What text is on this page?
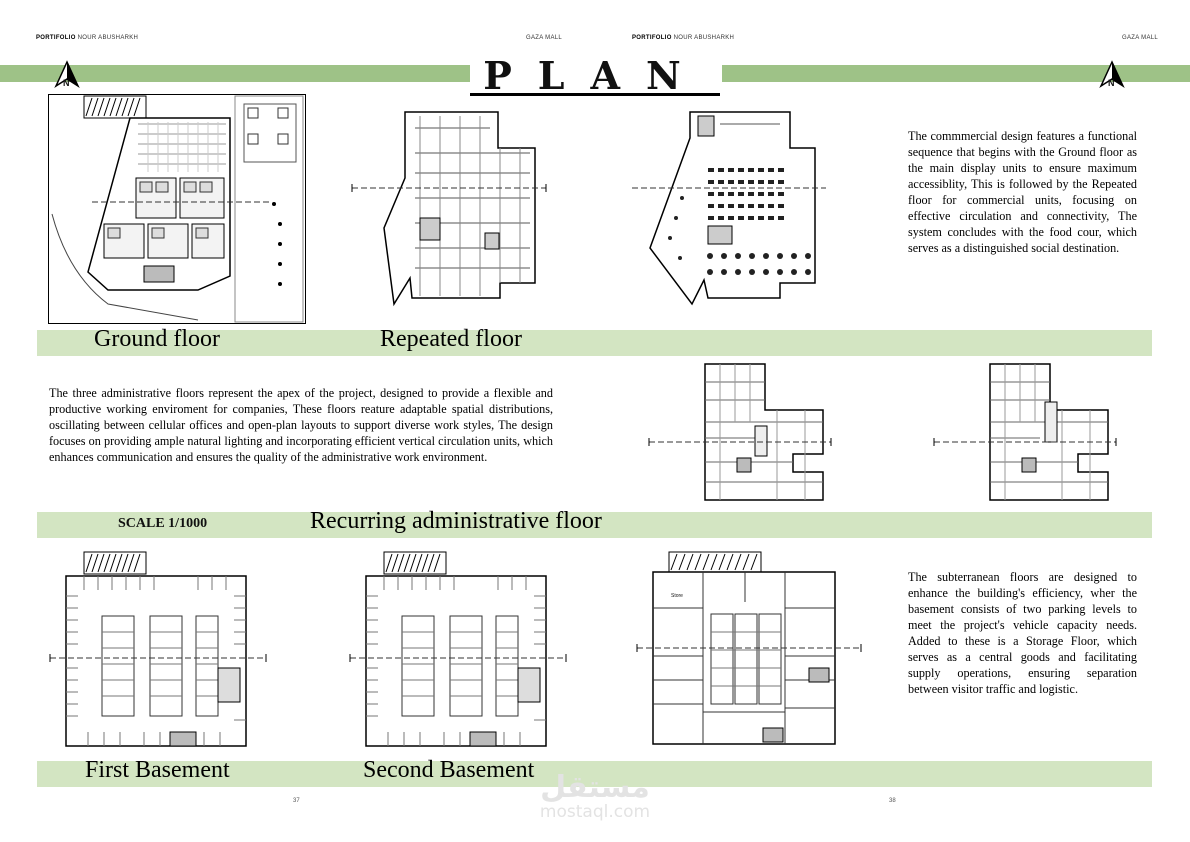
PORTIFOLIO NOUR ABUSHARKH	GAZA MALL	PORTIFOLIO NOUR ABUSHARKH	GAZA MALL
PLAN
N	N
The commmercial design features a functional sequence that begins with the Ground floor as the main display units to ensure maximum accessiblity, This is followed by the Repeated floor for commercial units, focusing on effective circulation and connectivity, The system concludes with the food cour, which serves as a distinguished social destination.
Ground floor	Repeated floor
The three administrative floors represent the apex of the project, designed to provide a flexible and productive working enviroment for companies, These floors reature adaptable spatial distributions, oscillating between cellular offices and open-plan layouts to support diverse work styles, The design focuses on providing ample natural lighting and incorporating efficient vertical circulation units, which enhances communication and ensures the quality of the administrative work environment.
SCALE 1/1000	Recurring administrative floor
Store
The subterranean floors are designed to enhance the building's efficiency, wher the basement consists of two parking levels to meet the project's vehicle capacity needs. Added to these is a Storage Floor, which serves as a central goods and facilitating supply operations, ensuring separation between visitor traffic and logistic.
First Basement	Second Basement
37	38
مستقل
mostaql.com
